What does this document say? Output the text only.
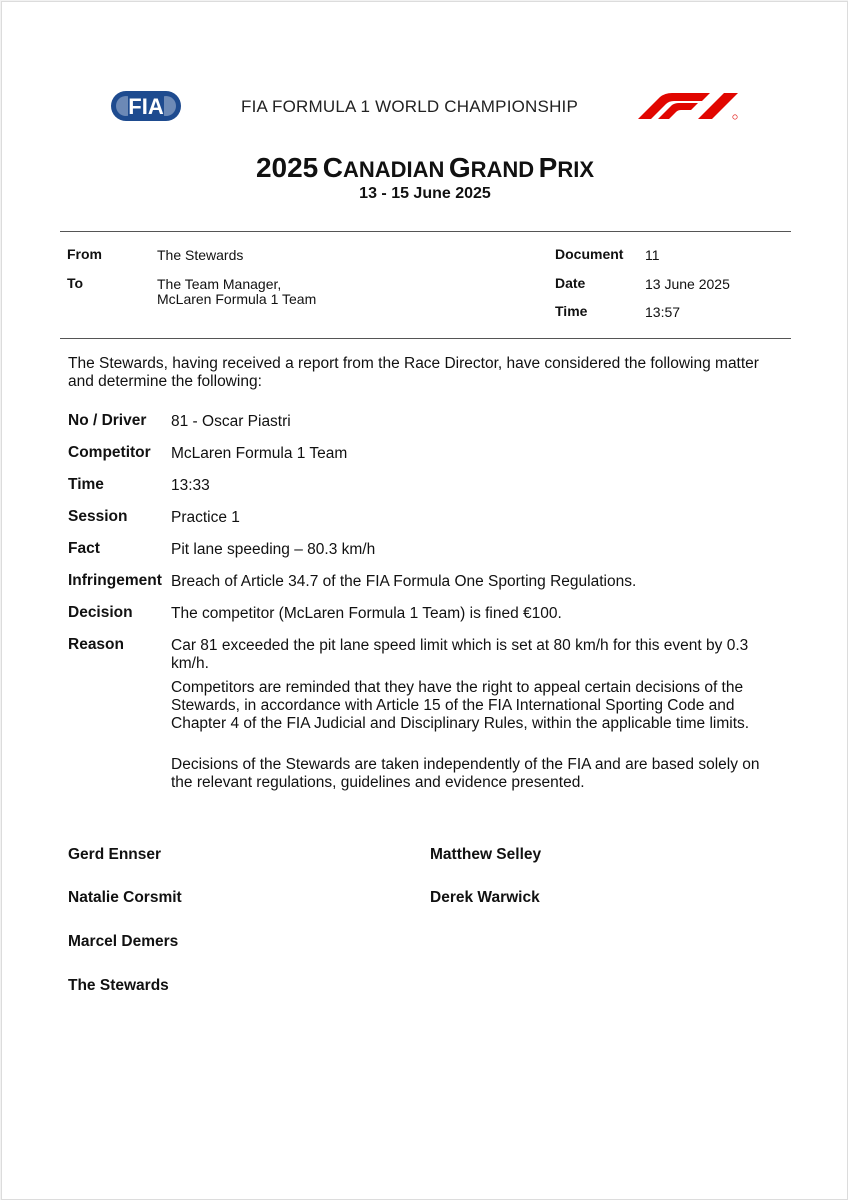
FIA	FIA FORMULA 1 WORLD CHAMPIONSHIP
2025 CANADIAN GRAND PRIX
13 - 15 June 2025
From	The Stewards
To	The Team Manager,
McLaren Formula 1 Team
Document 11
Date	13 June 2025
Time	13:57
The Stewards, having received a report from the Race Director, have considered the following matter and determine the following:
No / Driver 81 - Oscar Piastri
Competitor McLaren Formula 1 Team
Time	13:33
Session	Practice 1
Fact	Pit lane speeding – 80.3 km/h
Infringement Breach of Article 34.7 of the FIA Formula One Sporting Regulations.
Decision The competitor (McLaren Formula 1 Team) is fined €100.
Reason	Car 81 exceeded the pit lane speed limit which is set at 80 km/h for this event by 0.3 km/h.
Competitors are reminded that they have the right to appeal certain decisions of the Stewards, in accordance with Article 15 of the FIA International Sporting Code and Chapter 4 of the FIA Judicial and Disciplinary Rules, within the applicable time limits.
Decisions of the Stewards are taken independently of the FIA and are based solely on the relevant regulations, guidelines and evidence presented.
Gerd Ennser	Matthew Selley
Natalie Corsmit	Derek Warwick
Marcel Demers
The Stewards
